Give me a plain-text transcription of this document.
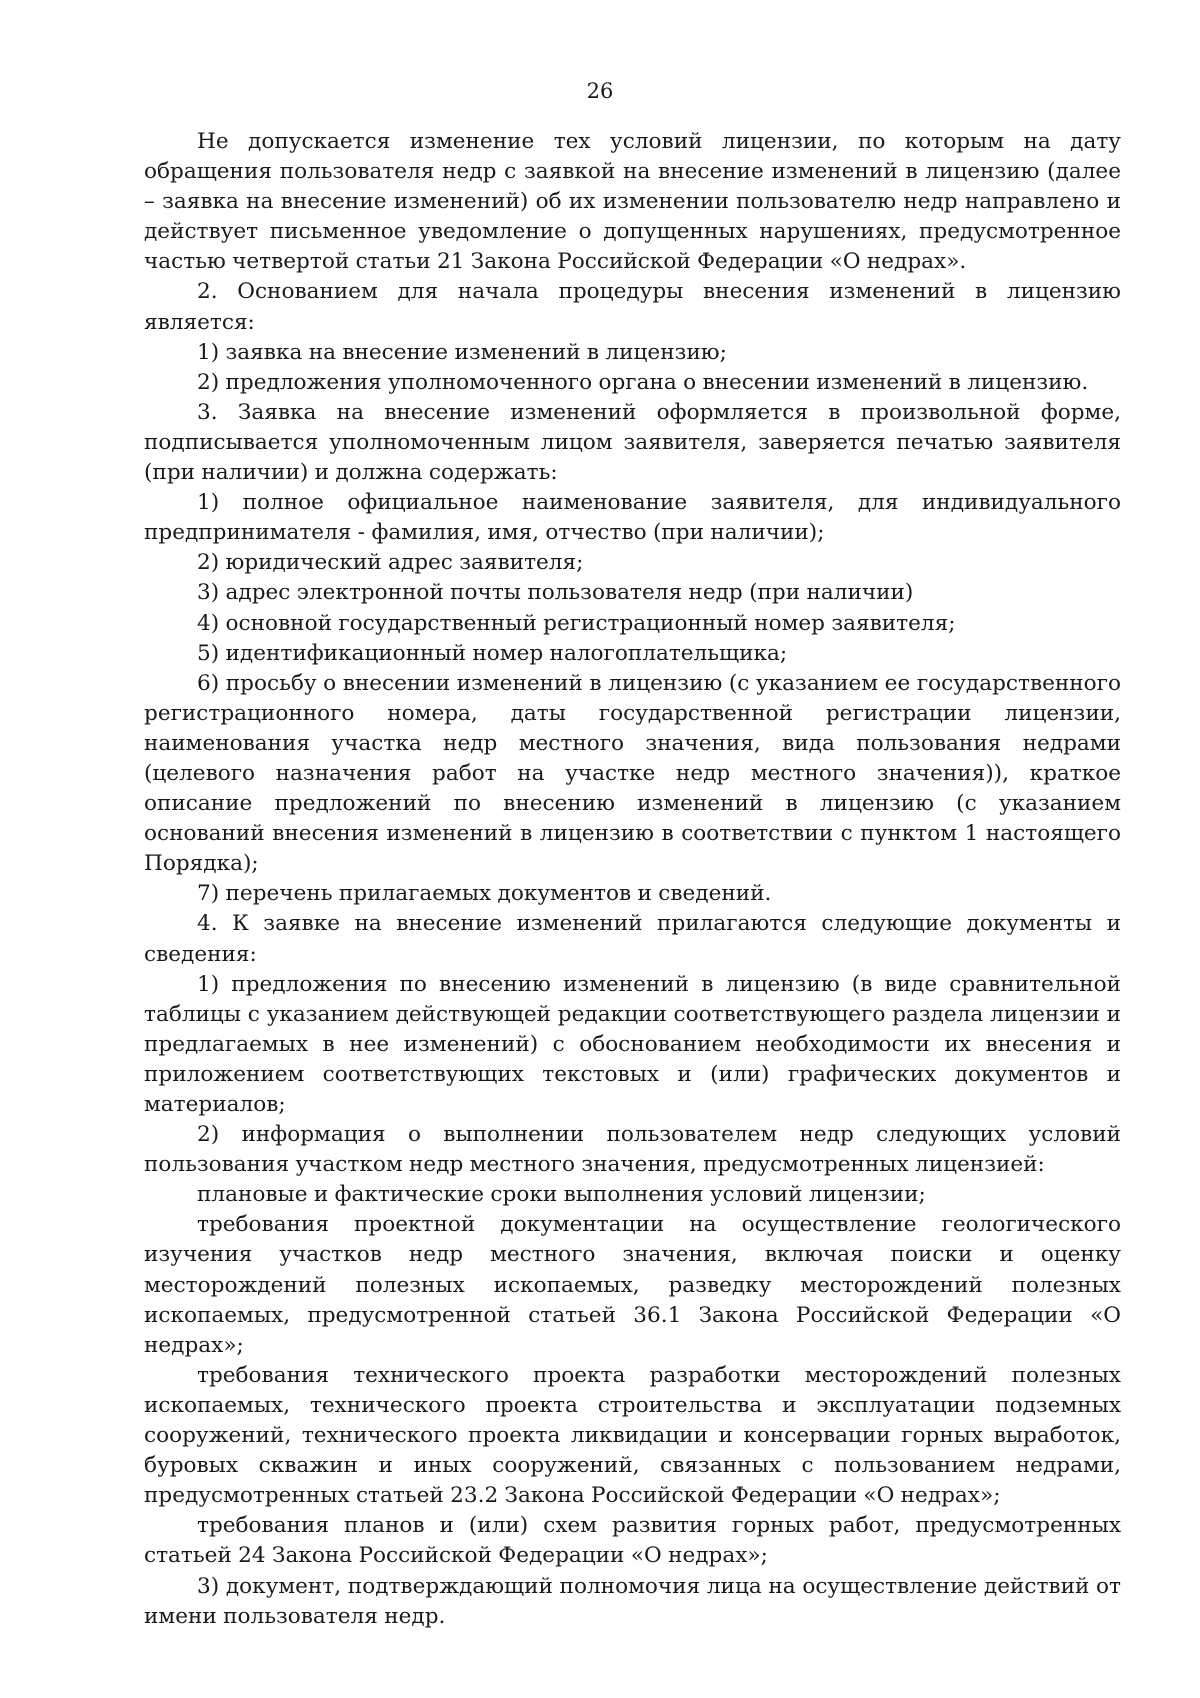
26

Не допускается изменение тех условий лицензии, по которым на дату обращения пользователя недр с заявкой на внесение изменений в лицензию (далее – заявка на внесение изменений) об их изменении пользователю недр направлено и действует письменное уведомление о допущенных нарушениях, предусмотренное частью четвертой статьи 21 Закона Российской Федерации «О недрах».

2. Основанием для начала процедуры внесения изменений в лицензию является:

1) заявка на внесение изменений в лицензию;

2) предложения уполномоченного органа о внесении изменений в лицензию.

3. Заявка на внесение изменений оформляется в произвольной форме, подписывается уполномоченным лицом заявителя, заверяется печатью заявителя (при наличии) и должна содержать:

1) полное официальное наименование заявителя, для индивидуального предпринимателя - фамилия, имя, отчество (при наличии);

2) юридический адрес заявителя;

3) адрес электронной почты пользователя недр (при наличии)

4) основной государственный регистрационный номер заявителя;

5) идентификационный номер налогоплательщика;

6) просьбу о внесении изменений в лицензию (с указанием ее государственного регистрационного номера, даты государственной регистрации лицензии, наименования участка недр местного значения, вида пользования недрами (целевого назначения работ на участке недр местного значения)), краткое описание предложений по внесению изменений в лицензию (с указанием оснований внесения изменений в лицензию в соответствии с пунктом 1 настоящего Порядка);

7) перечень прилагаемых документов и сведений.

4. К заявке на внесение изменений прилагаются следующие документы и сведения:

1) предложения по внесению изменений в лицензию (в виде сравнительной таблицы с указанием действующей редакции соответствующего раздела лицензии и предлагаемых в нее изменений) с обоснованием необходимости их внесения и приложением соответствующих текстовых и (или) графических документов и материалов;

2) информация о выполнении пользователем недр следующих условий пользования участком недр местного значения, предусмотренных лицензией:

плановые и фактические сроки выполнения условий лицензии;

требования проектной документации на осуществление геологического изучения участков недр местного значения, включая поиски и оценку месторождений полезных ископаемых, разведку месторождений полезных ископаемых, предусмотренной статьей 36.1 Закона Российской Федерации «О недрах»;

требования технического проекта разработки месторождений полезных ископаемых, технического проекта строительства и эксплуатации подземных сооружений, технического проекта ликвидации и консервации горных выработок, буровых скважин и иных сооружений, связанных с пользованием недрами, предусмотренных статьей 23.2 Закона Российской Федерации «О недрах»;

требования планов и (или) схем развития горных работ, предусмотренных статьей 24 Закона Российской Федерации «О недрах»;

3) документ, подтверждающий полномочия лица на осуществление действий от имени пользователя недр.
